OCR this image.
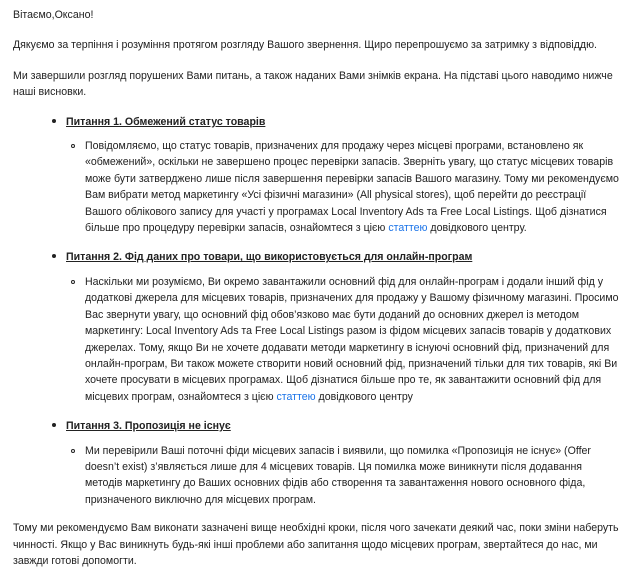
Вітаємо,Оксано!

Дякуємо за терпіння і розуміння протягом розгляду Вашого звернення. Щиро перепрошуємо за затримку з відповіддю.

Ми завершили розгляд порушених Вами питань, а також наданих Вами знімків екрана. На підставі цього наводимо нижче наші висновки.

Питання 1. Обмежений статус товарів
Повідомляємо, що статус товарів, призначених для продажу через місцеві програми, встановлено як «обмежений», оскільки не завершено процес перевірки запасів. Зверніть увагу, що статус місцевих товарів може бути затверджено лише після завершення перевірки запасів Вашого магазину. Тому ми рекомендуємо Вам вибрати метод маркетингу «Усі фізичні магазини» (All physical stores), щоб перейти до реєстрації Вашого облікового запису для участі у програмах Local Inventory Ads та Free Local Listings. Щоб дізнатися більше про процедуру перевірки запасів, ознайомтеся з цією статтею довідкового центру.
Питання 2. Фід даних про товари, що використовується для онлайн-програм
Наскільки ми розуміємо, Ви окремо завантажили основний фід для онлайн-програм і додали інший фід у додаткові джерела для місцевих товарів, призначених для продажу у Вашому фізичному магазині. Просимо Вас звернути увагу, що основний фід обов’язково має бути доданий до основних джерел із методом маркетингу: Local Inventory Ads та Free Local Listings разом із фідом місцевих запасів товарів у додаткових джерелах. Тому, якщо Ви не хочете додавати методи маркетингу в існуючі основний фід, призначений для онлайн-програм, Ви також можете створити новий основний фід, призначений тільки для тих товарів, які Ви хочете просувати в місцевих програмах. Щоб дізнатися більше про те, як завантажити основний фід для місцевих програм, ознайомтеся з цією статтею довідкового центру
Питання 3. Пропозиція не існує
Ми перевірили Ваші поточні фіди місцевих запасів і виявили, що помилка «Пропозиція не існує» (Offer doesn’t exist) з’являється лише для 4 місцевих товарів. Ця помилка може виникнути після додавання методів маркетингу до Ваших основних фідів або створення та завантаження нового основного фіда, призначеного виключно для місцевих програм.

Тому ми рекомендуємо Вам виконати зазначені вище необхідні кроки, після чого зачекати деякий час, поки зміни наберуть чинності. Якщо у Вас виникнуть будь-які інші проблеми або запитання щодо місцевих програм, звертайтеся до нас, ми завжди готові допомогти.
